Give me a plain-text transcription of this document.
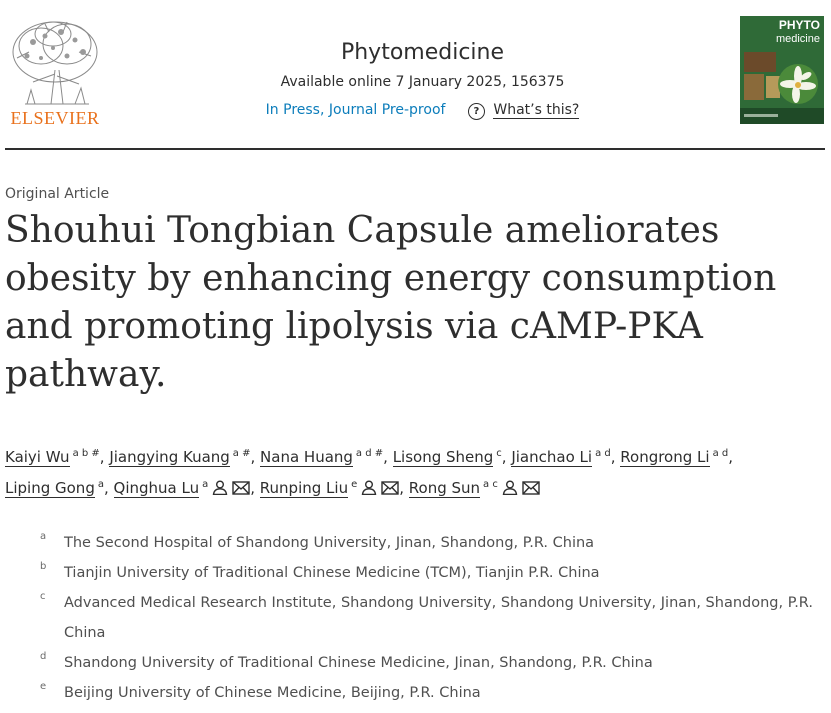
ELSEVIER
Phytomedicine
Available online 7 January 2025, 156375
In Press, Journal Pre-proof	? What’s this?
PHYTO
medicine
Original Article
Shouhui Tongbian Capsule ameliorates obesity by enhancing energy consumption and promoting lipolysis via cAMP-PKA pathway.
Kaiyi Wu $^{a b \#}$, Jiangying Kuang $^{a \#}$, Nana Huang $^{a d \#}$, Lisong Sheng $^c$, Jianchao Li $^{a d}$, Rongrong Li $^{a d}$, Liping Gong $^a$, Qinghua Lu $^a$	, Runping Liu $^e$	, Rong Sun $^{a c}$
a The Second Hospital of Shandong University, Jinan, Shandong, P.R. China
b Tianjin University of Traditional Chinese Medicine (TCM), Tianjin P.R. China
c Advanced Medical Research Institute, Shandong University, Shandong University, Jinan, Shandong, P.R. China
d Shandong University of Traditional Chinese Medicine, Jinan, Shandong, P.R. China
e Beijing University of Chinese Medicine, Beijing, P.R. China
